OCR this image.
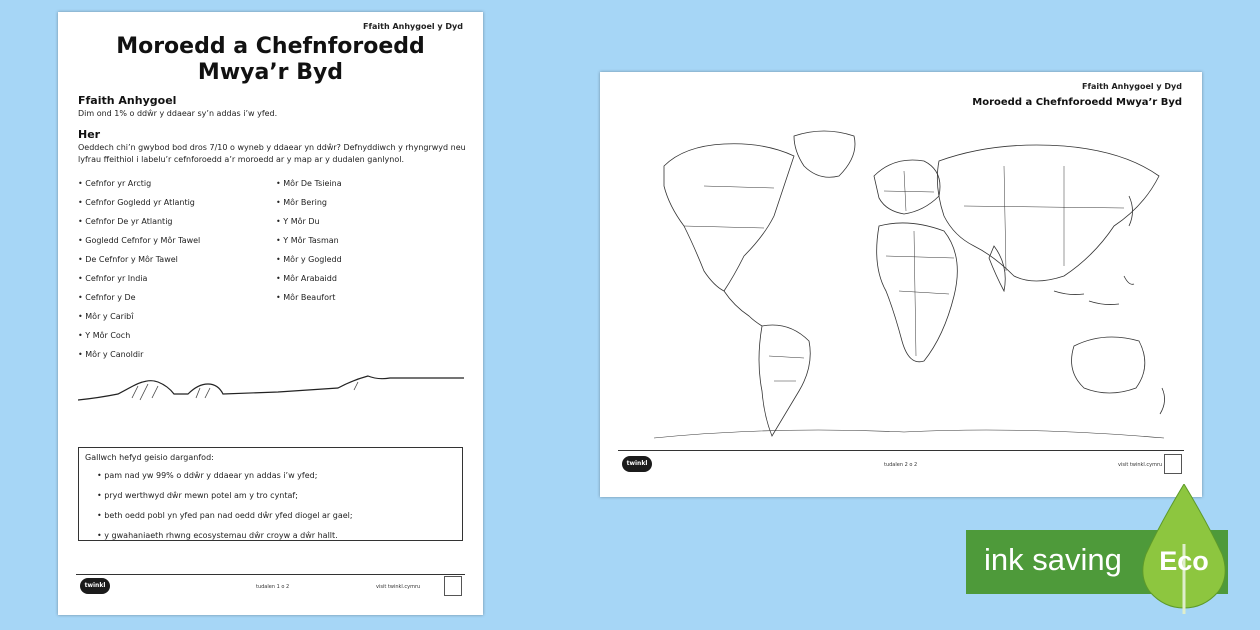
Ffaith Anhygoel y Dyd
Moroedd a Chefnforoedd Mwya’r Byd
Ffaith Anhygoel
Dim ond 1% o ddŵr y ddaear sy’n addas i’w yfed.
Her
Oeddech chi’n gwybod bod dros 7/10 o wyneb y ddaear yn ddŵr? Defnyddiwch y rhyngrwyd neu lyfrau ffeithiol i labelu’r cefnforoedd a’r moroedd ar y map ar y dudalen ganlynol.
• Cefnfor yr Arctig
• Cefnfor Gogledd yr Atlantig
• Cefnfor De yr Atlantig
• Gogledd Cefnfor y Môr Tawel
• De Cefnfor y Môr Tawel
• Cefnfor yr India
• Cefnfor y De
• Môr y Caribî
• Y Môr Coch
• Môr y Canoldir
• Môr De Tsieina
• Môr Bering
• Y Môr Du
• Y Môr Tasman
• Môr y Gogledd
• Môr Arabaidd
• Môr Beaufort
Gallwch hefyd geisio darganfod:
• pam nad yw 99% o ddŵr y ddaear yn addas i’w yfed;
• pryd werthwyd dŵr mewn potel am y tro cyntaf;
• beth oedd pobl yn yfed pan nad oedd dŵr yfed diogel ar gael;
• y gwahaniaeth rhwng ecosystemau dŵr croyw a dŵr hallt.
twinkl	tudalen 1 o 2	visit twinkl.cymru
Ffaith Anhygoel y Dyd
Moroedd a Chefnforoedd Mwya’r Byd
twinkl	tudalen 2 o 2	visit twinkl.cymru
ink saving Eco
